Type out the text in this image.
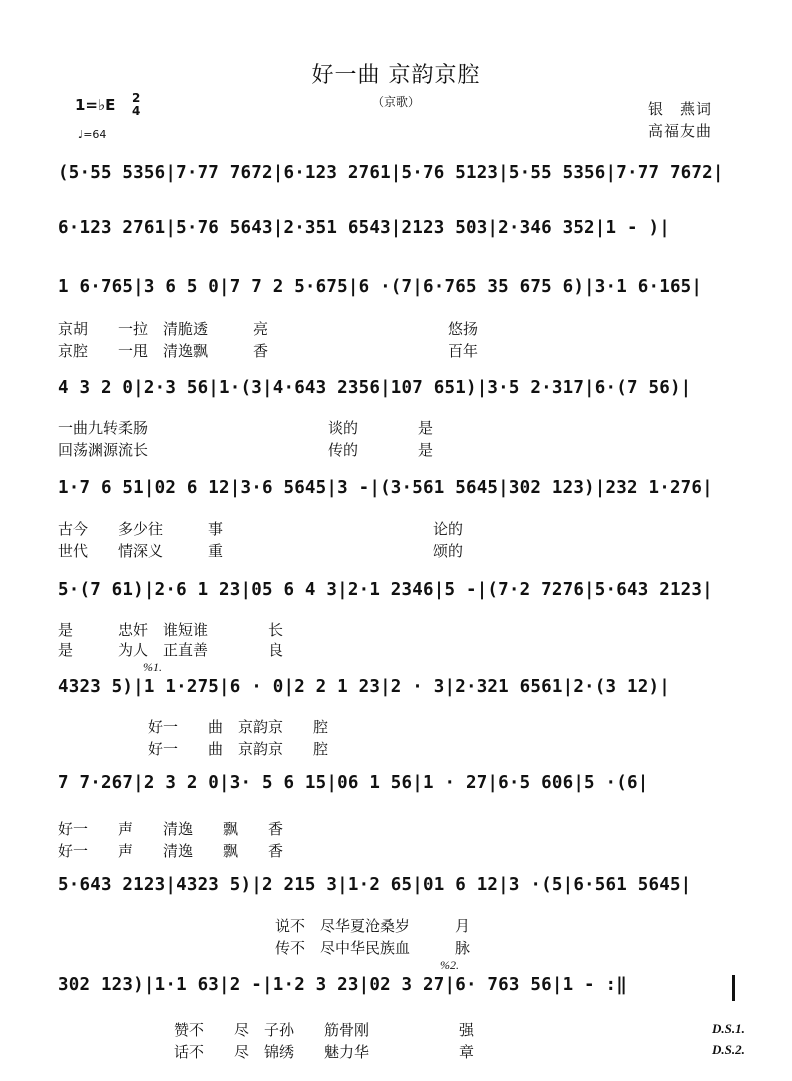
好一曲 京韵京腔
（京歌）
1=♭E 2
4
♩=64
银　燕词
高福友曲
(5·55 5356|7·77 7672|6·123 2761|5·76 5123|5·55 5356|7·77 7672|
6·123 2761|5·76 5643|2·351 6543|2123 503|2·346 352|1 - )|
1 6·765|3 6 5 0|7 7 2 5·675|6 ·(7|6·765 35 675 6)|3·1 6·165|
4 3 2 0|2·3 56|1·(3|4·643 2356|107 651)|3·5 2·317|6·(7 56)|
1·7 6 51|02 6 12|3·6 5645|3 -|(3·561 5645|302 123)|232 1·276|
5·(7 61)|2·6 1 23|05 6 4 3|2·1 2346|5 -|(7·2 7276|5·643 2123|
4323 5)|1 1·275|6 · 0|2 2 1 23|2 · 3|2·321 6561|2·(3 12)|
7 7·267|2 3 2 0|3· 5 6 15|06 1 56|1 · 27|6·5 606|5 ·(6|
5·643 2123|4323 5)|2 215 3|1·2 65|01 6 12|3 ·(5|6·561 5645|
302 123)|1·1 63|2 -|1·2 3 23|02 3 27|6· 763 56|1 - :‖
京胡　　一拉　清脆透　　　亮　　　　　　　　　　　　悠扬
京腔　　一甩　清逸飘　　　香　　　　　　　　　　　　百年
一曲九转柔肠　　　　　　　　　　　　谈的　　　　是
回荡渊源流长　　　　　　　　　　　　传的　　　　是
古今　　多少往　　　事　　　　　　　　　　　　　　论的
世代　　情深义　　　重　　　　　　　　　　　　　　颂的
是　　　忠奸　谁短谁　　　　长
是　　　为人　正直善　　　　良
好一　　曲　京韵京　　腔
好一　　曲　京韵京　　腔
好一　　声　　清逸　　飘　　香
好一　　声　　清逸　　飘　　香
说不　尽华夏沧桑岁　　　月
传不　尽中华民族血　　　脉
赞不　　尽　子孙　　筋骨刚　　　　　　强
话不　　尽　锦绣　　魅力华　　　　　　章
%1.
%2.
D.S.1.
D.S.2.
